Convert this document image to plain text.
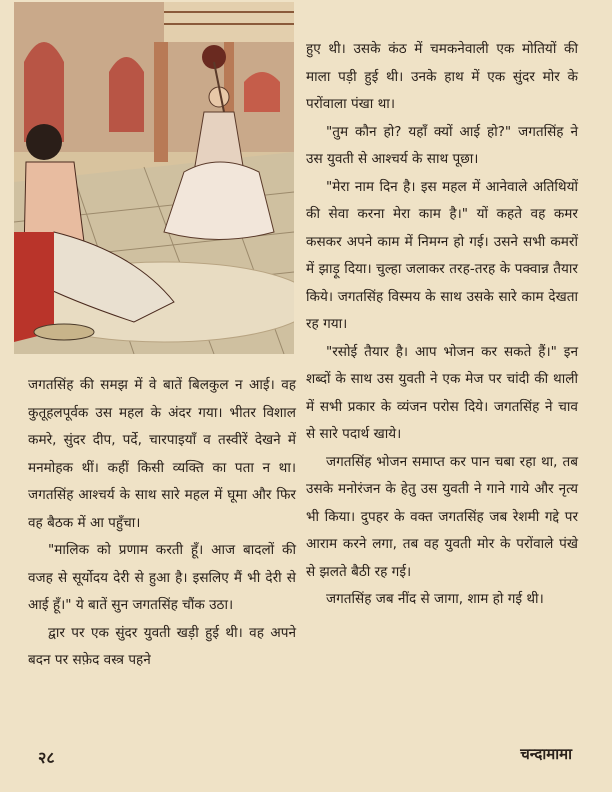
जगतसिंह की समझ में वे बातें बिलकुल न आई। वह कुतूहलपूर्वक उस महल के अंदर गया। भीतर विशाल कमरे, सुंदर दीप, पर्दे, चारपाइयाँ व तस्वीरें देखने में मनमोहक थीं। कहीं किसी व्यक्ति का पता न था। जगतसिंह आश्चर्य के साथ सारे महल में घूमा और फिर वह बैठक में आ पहुँचा।

"मालिक को प्रणाम करती हूँ। आज बादलों की वजह से सूर्योदय देरी से हुआ है। इसलिए मैं भी देरी से आई हूँ।" ये बातें सुन जगतसिंह चौंक उठा।

द्वार पर एक सुंदर युवती खड़ी हुई थी। वह अपने बदन पर सफ़ेद वस्त्र पहने

हुए थी। उसके कंठ में चमकनेवाली एक मोतियों की माला पड़ी हुई थी। उनके हाथ में एक सुंदर मोर के परोंवाला पंखा था।

"तुम कौन हो? यहाँ क्यों आई हो?" जगतसिंह ने उस युवती से आश्चर्य के साथ पूछा।

"मेरा नाम दिन है। इस महल में आनेवाले अतिथियों की सेवा करना मेरा काम है।" यों कहते वह कमर कसकर अपने काम में निमग्न हो गई। उसने सभी कमरों में झाड़ू दिया। चुल्हा जलाकर तरह-तरह के पक्वान्न तैयार किये। जगतसिंह विस्मय के साथ उसके सारे काम देखता रह गया।

"रसोई तैयार है। आप भोजन कर सकते हैं।" इन शब्दों के साथ उस युवती ने एक मेज पर चांदी की थाली में सभी प्रकार के व्यंजन परोस दिये। जगतसिंह ने चाव से सारे पदार्थ खाये।

जगतसिंह भोजन समाप्त कर पान चबा रहा था, तब उसके मनोरंजन के हेतु उस युवती ने गाने गाये और नृत्य भी किया। दुपहर के वक्त जगतसिंह जब रेशमी गद्दे पर आराम करने लगा, तब वह युवती मोर के परोंवाले पंखे से झलते बैठी रह गई।

जगतसिंह जब नींद से जागा, शाम हो गई थी।

२८	चन्दामामा
